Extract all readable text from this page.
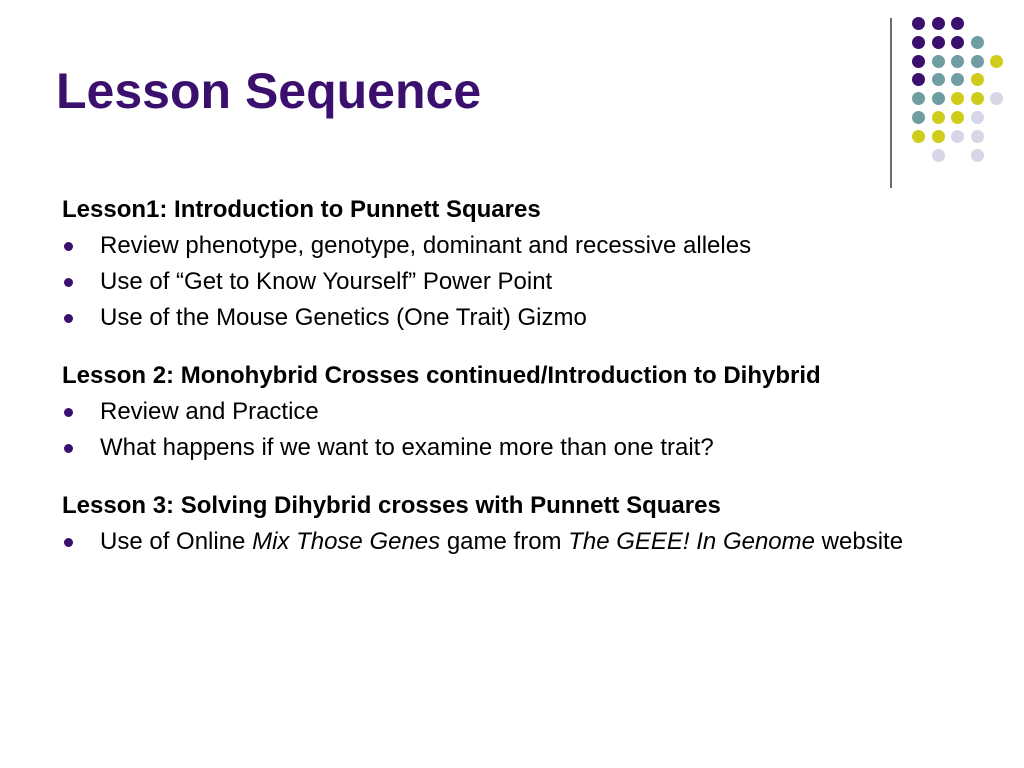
Lesson Sequence

Lesson1: Introduction to Punnett Squares

Review phenotype, genotype, dominant and recessive alleles
Use of “Get to Know Yourself” Power Point
Use of the Mouse Genetics (One Trait) Gizmo

Lesson 2: Monohybrid Crosses continued/Introduction to Dihybrid

Review and Practice
What happens if we want to examine more than one trait?

Lesson 3: Solving Dihybrid crosses with Punnett Squares

Use of Online Mix Those Genes game from The GEEE! In Genome website
